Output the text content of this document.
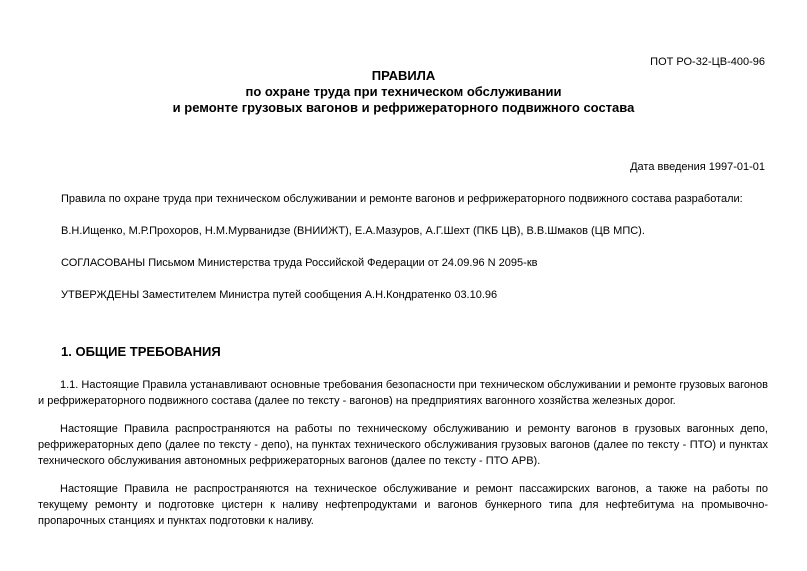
ПОТ РО-32-ЦВ-400-96
ПРАВИЛА
по охране труда при техническом обслуживании
и ремонте грузовых вагонов и рефрижераторного подвижного состава
Дата введения 1997-01-01
Правила по охране труда при техническом обслуживании и ремонте вагонов и рефрижераторного подвижного состава разработали:
В.Н.Ищенко, М.Р.Прохоров, Н.М.Мурванидзе (ВНИИЖТ), Е.А.Мазуров, А.Г.Шехт (ПКБ ЦВ), В.В.Шмаков (ЦВ МПС).
СОГЛАСОВАНЫ Письмом Министерства труда Российской Федерации от 24.09.96 N 2095-кв
УТВЕРЖДЕНЫ Заместителем Министра путей сообщения А.Н.Кондратенко 03.10.96
1. ОБЩИЕ ТРЕБОВАНИЯ

1.1. Настоящие Правила устанавливают основные требования безопасности при техническом обслуживании и ремонте грузовых вагонов и рефрижераторного подвижного состава (далее по тексту - вагонов) на предприятиях вагонного хозяйства железных дорог.

Настоящие Правила распространяются на работы по техническому обслуживанию и ремонту вагонов в грузовых вагонных депо, рефрижераторных депо (далее по тексту - депо), на пунктах технического обслуживания грузовых вагонов (далее по тексту - ПТО) и пунктах технического обслуживания автономных рефрижераторных вагонов (далее по тексту - ПТО АРВ).

Настоящие Правила не распространяются на техническое обслуживание и ремонт пассажирских вагонов, а также на работы по текущему ремонту и подготовке цистерн к наливу нефтепродуктами и вагонов бункерного типа для нефтебитума на промывочно-пропарочных станциях и пунктах подготовки к наливу.
